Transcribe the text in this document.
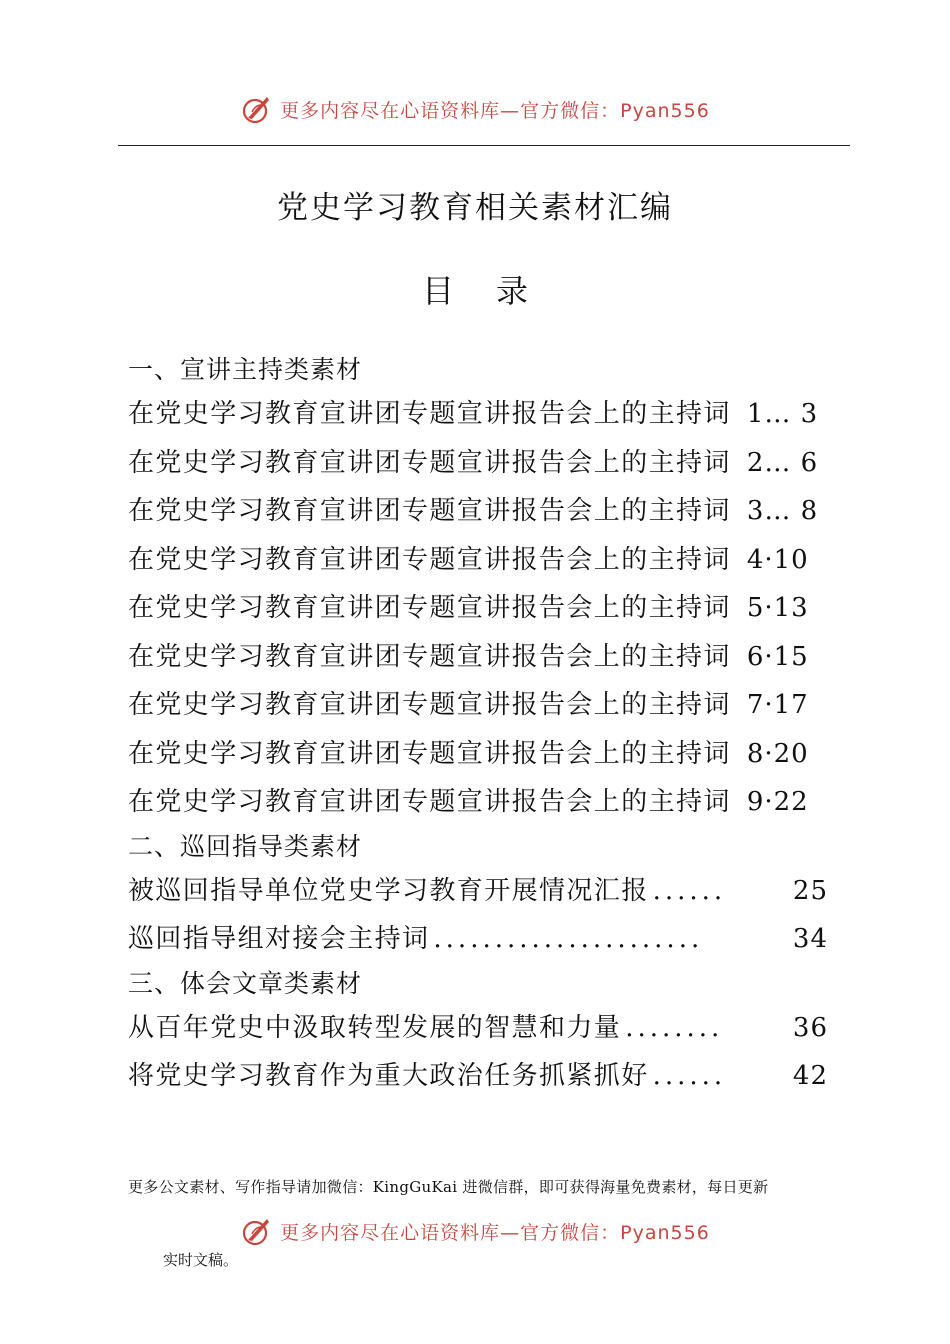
更多内容尽在心语资料库—官方微信：Pyan556
党史学习教育相关素材汇编
目 录
一、宣讲主持类素材
在党史学习教育宣讲团专题宣讲报告会上的主持词 1… 3
在党史学习教育宣讲团专题宣讲报告会上的主持词 2… 6
在党史学习教育宣讲团专题宣讲报告会上的主持词 3… 8
在党史学习教育宣讲团专题宣讲报告会上的主持词 4·10
在党史学习教育宣讲团专题宣讲报告会上的主持词 5·13
在党史学习教育宣讲团专题宣讲报告会上的主持词 6·15
在党史学习教育宣讲团专题宣讲报告会上的主持词 7·17
在党史学习教育宣讲团专题宣讲报告会上的主持词 8·20
在党史学习教育宣讲团专题宣讲报告会上的主持词 9·22
二、巡回指导类素材
被巡回指导单位党史学习教育开展情况汇报 ......	25
巡回指导组对接会主持词 ......................	34
三、体会文章类素材
从百年党史中汲取转型发展的智慧和力量 ........	36
将党史学习教育作为重大政治任务抓紧抓好 ......	42
更多公文素材、写作指导请加微信：KingGuKai 进微信群，即可获得海量免费素材，每日更新
更多内容尽在心语资料库—官方微信：Pyan556
实时文稿。
